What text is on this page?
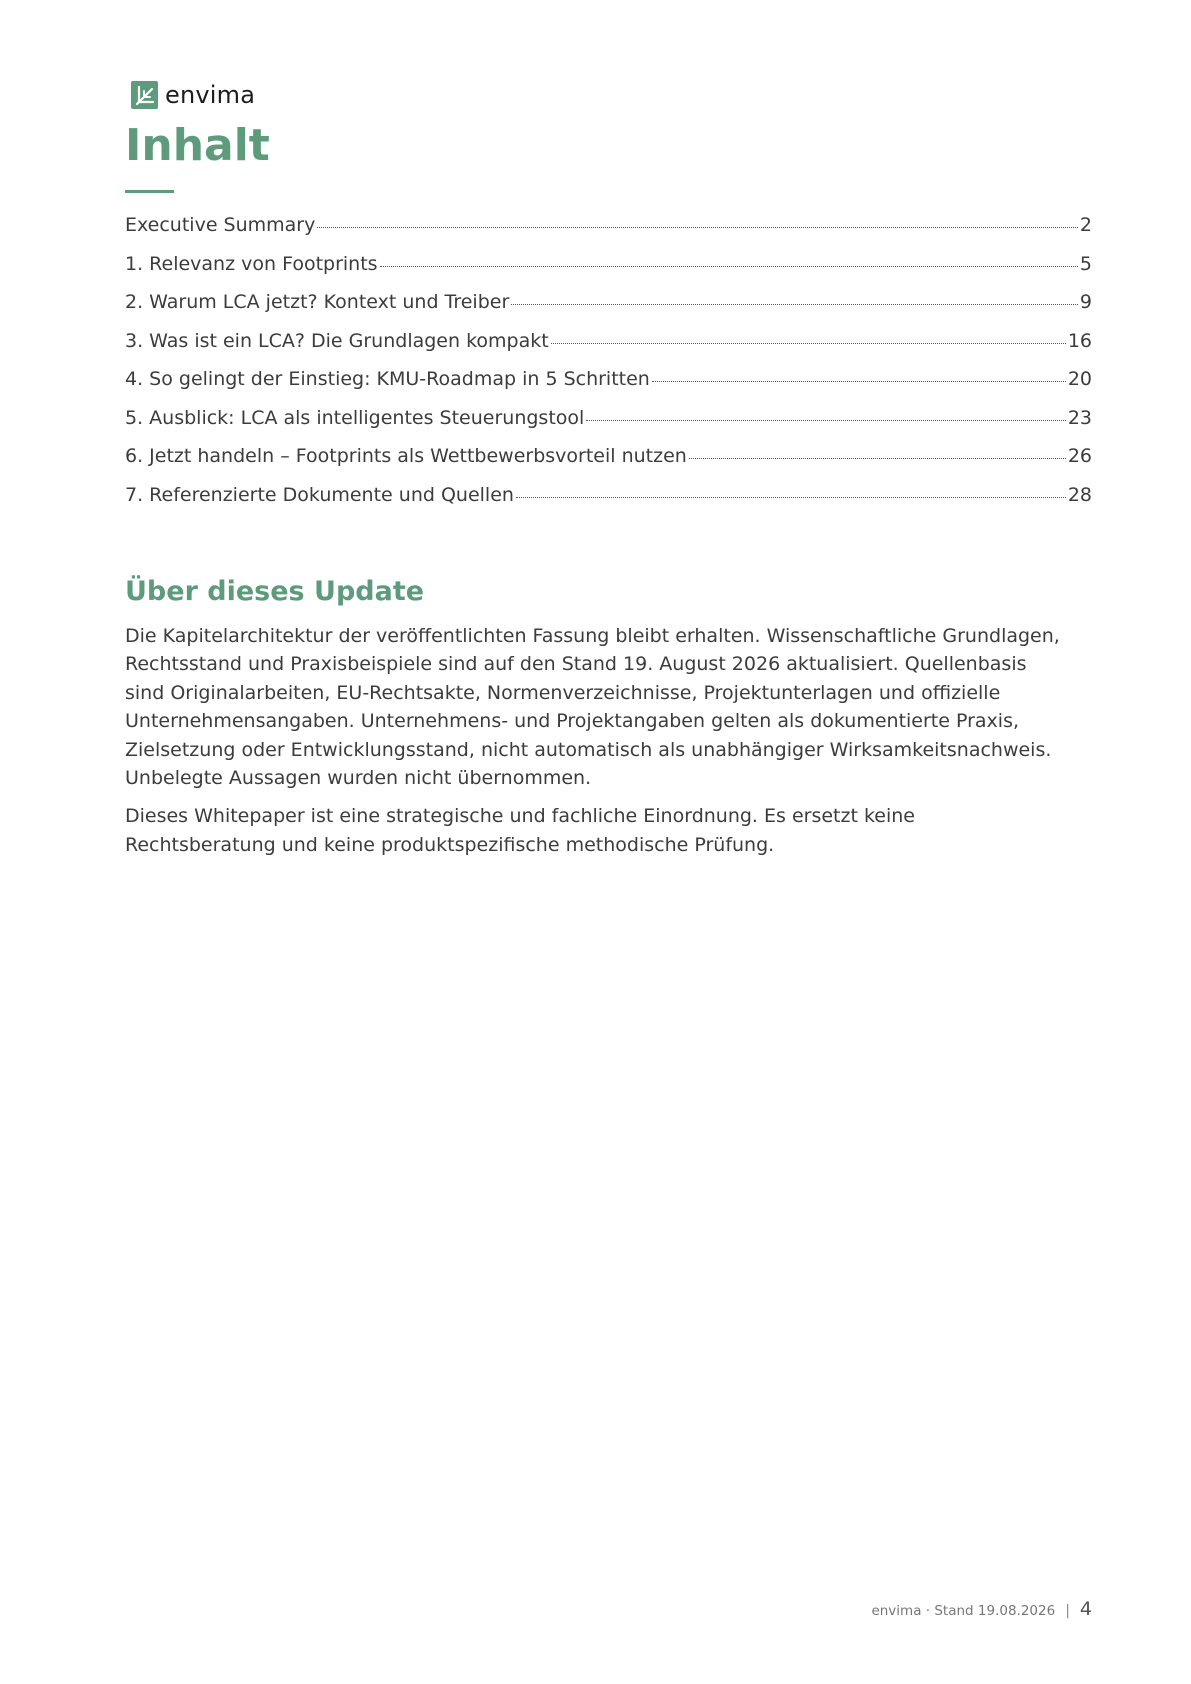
envima
Inhalt
Executive Summary	2
1. Relevanz von Footprints	5
2. Warum LCA jetzt? Kontext und Treiber	9
3. Was ist ein LCA? Die Grundlagen kompakt	16
4. So gelingt der Einstieg: KMU-Roadmap in 5 Schritten	20
5. Ausblick: LCA als intelligentes Steuerungstool	23
6. Jetzt handeln – Footprints als Wettbewerbsvorteil nutzen	26
7. Referenzierte Dokumente und Quellen	28
Über dieses Update

Die Kapitelarchitektur der veröffentlichten Fassung bleibt erhalten. Wissenschaftliche Grundlagen, Rechtsstand und Praxisbeispiele sind auf den Stand 19. August 2026 aktualisiert. Quellenbasis sind Originalarbeiten, EU-Rechtsakte, Normenverzeichnisse, Projektunterlagen und offizielle Unternehmensangaben. Unternehmens- und Projektangaben gelten als dokumentierte Praxis, Zielsetzung oder Entwicklungsstand, nicht automatisch als unabhängiger Wirksamkeitsnachweis. Unbelegte Aussagen wurden nicht übernommen.

Dieses Whitepaper ist eine strategische und fachliche Einordnung. Es ersetzt keine Rechtsberatung und keine produktspezifische methodische Prüfung.

envima · Stand 19.08.2026 | 4
